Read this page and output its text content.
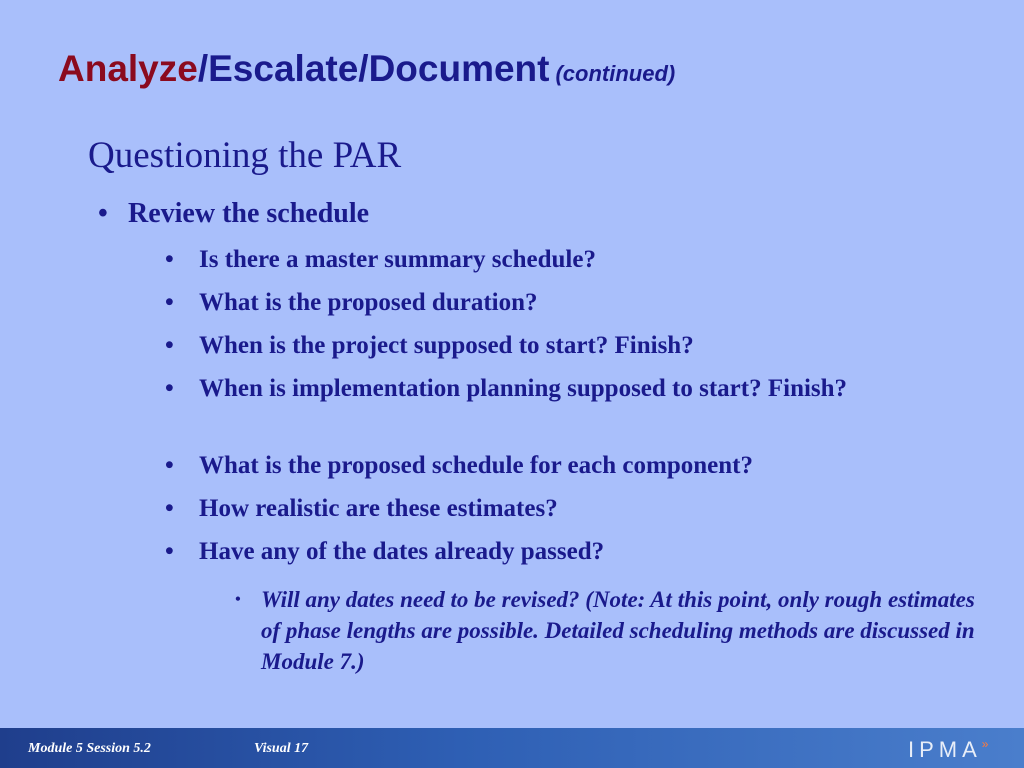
Analyze/Escalate/Document (continued)
Questioning the PAR
• Review the schedule
•	Is there a master summary schedule?
•	What is the proposed duration?
•	When is the project supposed to start? Finish?
•	When is implementation planning supposed to start? Finish?
•	What is the proposed schedule for each component?
•	How realistic are these estimates?
•	Have any of the dates already passed?
• Will any dates need to be revised? (Note: At this point, only rough estimates of phase lengths are possible. Detailed scheduling methods are discussed in Module 7.)
Module 5 Session 5.2	Visual 17	IPMA»
